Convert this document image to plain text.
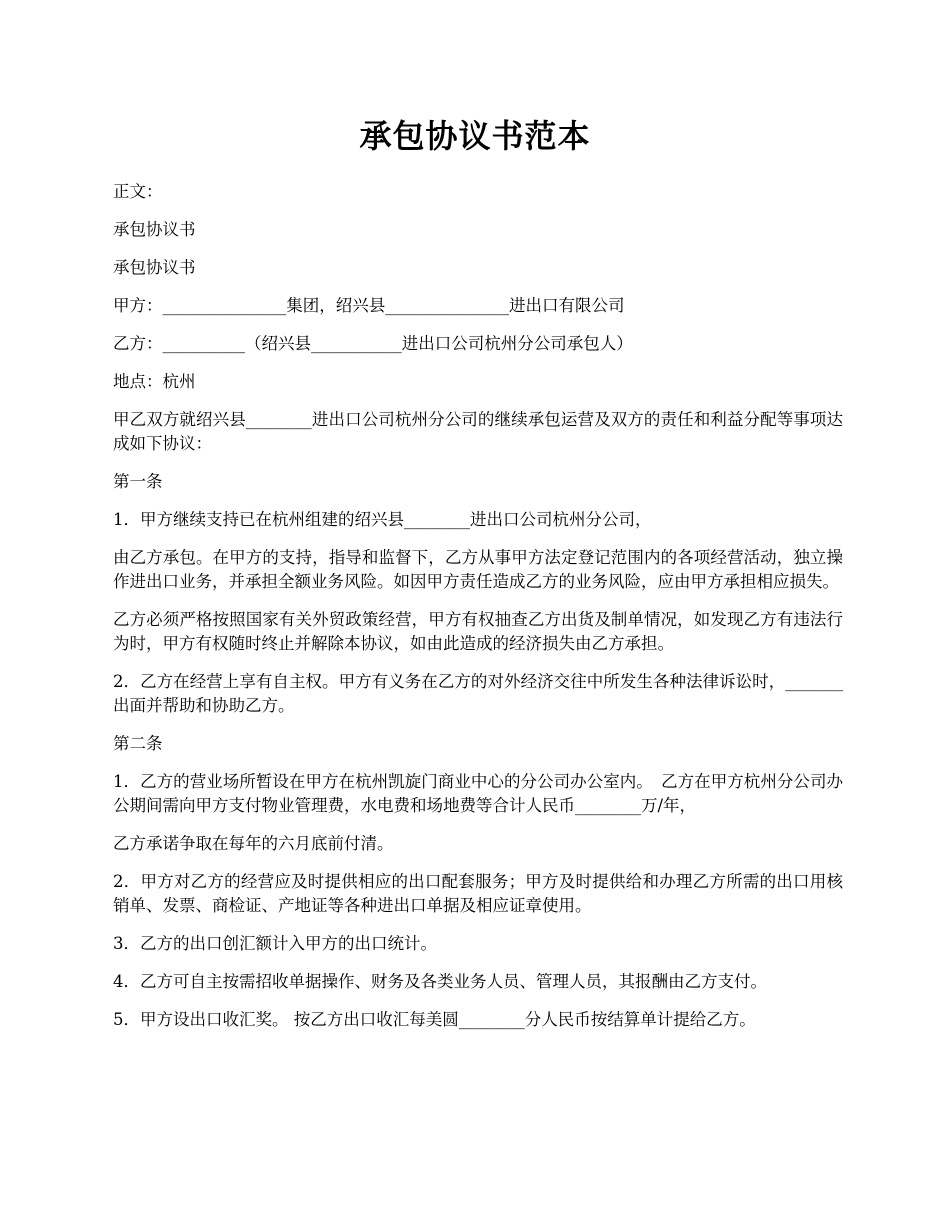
承包协议书范本

正文：

承包协议书

承包协议书

甲方：_______________集团，绍兴县_______________进出口有限公司

乙方：__________（绍兴县___________进出口公司杭州分公司承包人）

地点：杭州

甲乙双方就绍兴县________进出口公司杭州分公司的继续承包运营及双方的责任和利益分配等事项达成如下协议：

第一条

1．甲方继续支持已在杭州组建的绍兴县________进出口公司杭州分公司，

由乙方承包。在甲方的支持，指导和监督下，乙方从事甲方法定登记范围内的各项经营活动，独立操作进出口业务，并承担全额业务风险。如因甲方责任造成乙方的业务风险，应由甲方承担相应损失。

乙方必须严格按照国家有关外贸政策经营，甲方有权抽查乙方出货及制单情况，如发现乙方有违法行为时，甲方有权随时终止并解除本协议，如由此造成的经济损失由乙方承担。

2．乙方在经营上享有自主权。甲方有义务在乙方的对外经济交往中所发生各种法律诉讼时，_______出面并帮助和协助乙方。

第二条

1．乙方的营业场所暂设在甲方在杭州凯旋门商业中心的分公司办公室内。　乙方在甲方杭州分公司办公期间需向甲方支付物业管理费，水电费和场地费等合计人民币________万/年，

乙方承诺争取在每年的六月底前付清。

2．甲方对乙方的经营应及时提供相应的出口配套服务；甲方及时提供给和办理乙方所需的出口用核销单、发票、商检证、产地证等各种进出口单据及相应证章使用。

3．乙方的出口创汇额计入甲方的出口统计。

4．乙方可自主按需招收单据操作、财务及各类业务人员、管理人员，其报酬由乙方支付。

5．甲方设出口收汇奖。 按乙方出口收汇每美圆________分人民币按结算单计提给乙方。
